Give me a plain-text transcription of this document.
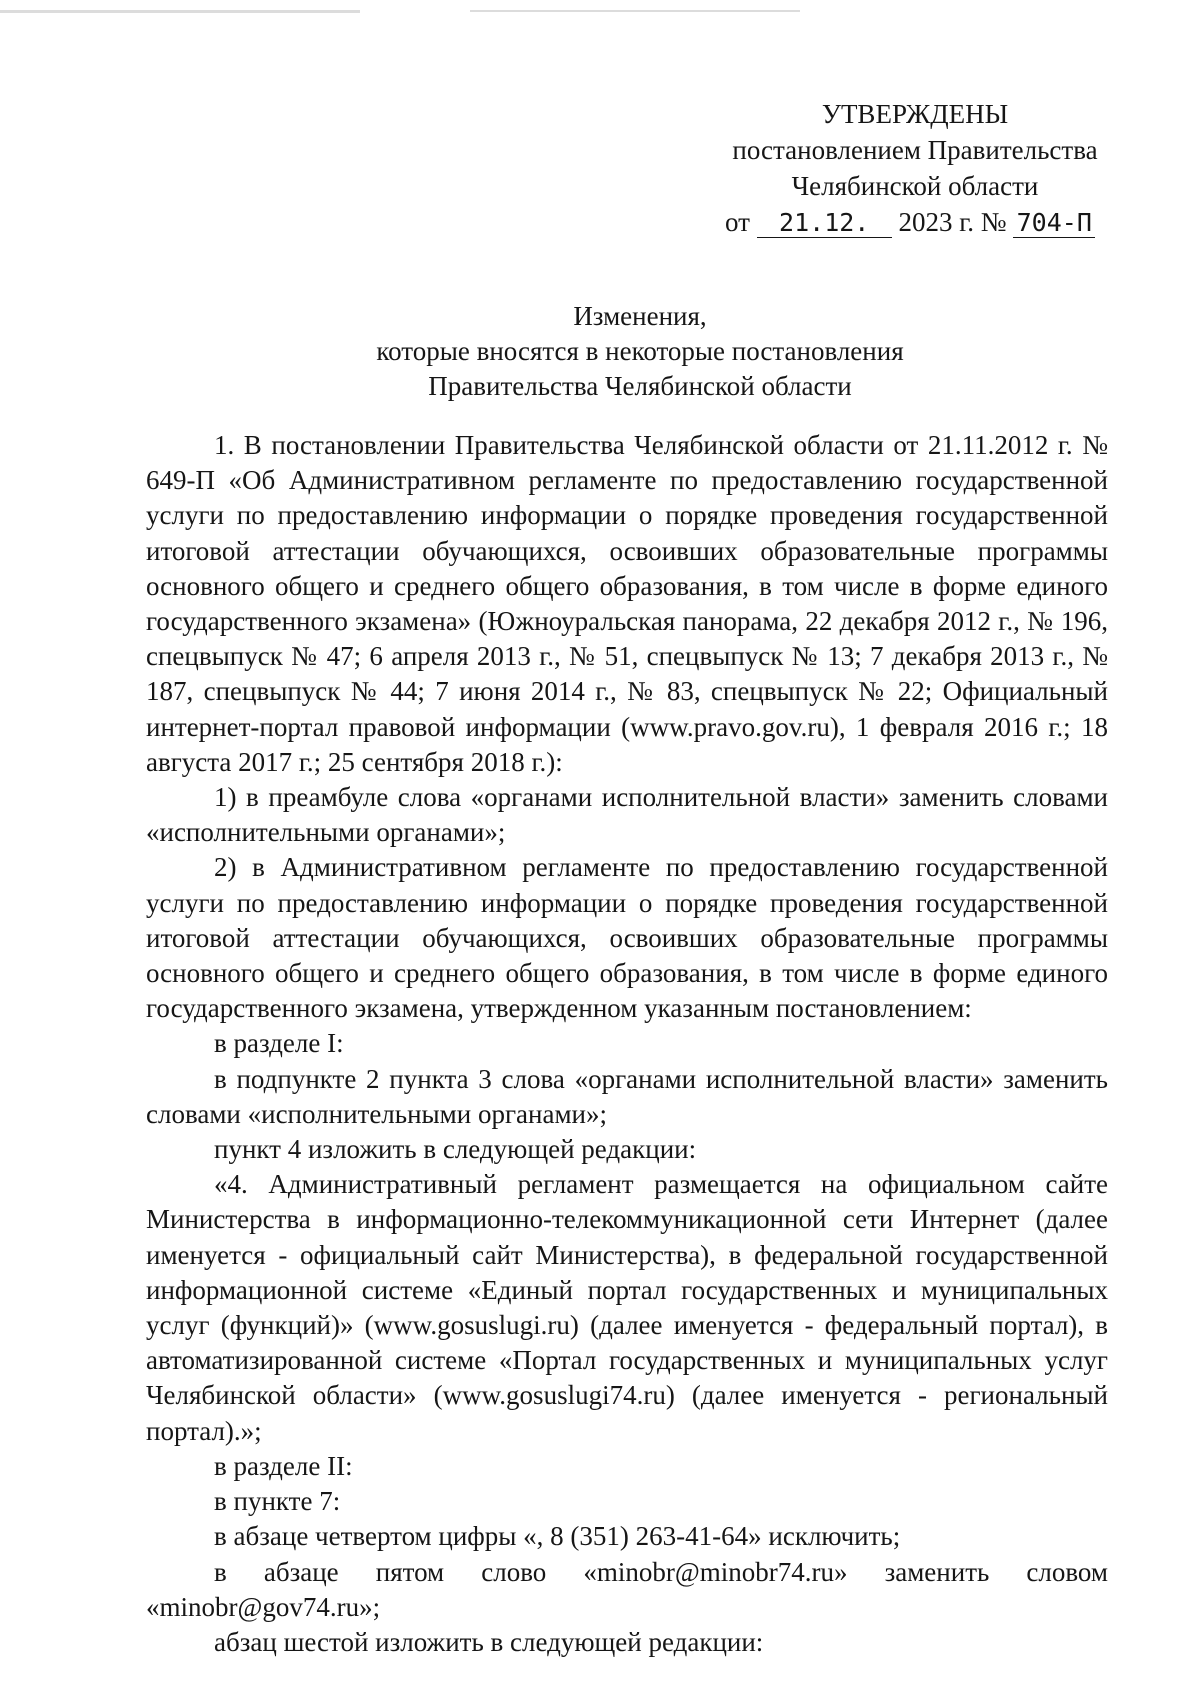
УТВЕРЖДЕНЫ
постановлением Правительства
Челябинской области
от 21.12. 2023 г. № 704-П
Изменения,
которые вносятся в некоторые постановления
Правительства Челябинской области

1. В постановлении Правительства Челябинской области от 21.11.2012 г. № 649-П «Об Административном регламенте по предоставлению государственной услуги по предоставлению информации о порядке проведения государственной итоговой аттестации обучающихся, освоивших образовательные программы основного общего и среднего общего образования, в том числе в форме единого государственного экзамена» (Южноуральская панорама, 22 декабря 2012 г., № 196, спецвыпуск № 47; 6 апреля 2013 г., № 51, спецвыпуск № 13; 7 декабря 2013 г., № 187, спецвыпуск № 44; 7 июня 2014 г., № 83, спецвыпуск № 22; Официальный интернет-портал правовой информации (www.pravo.gov.ru), 1 февраля 2016 г.; 18 августа 2017 г.; 25 сентября 2018 г.):

1) в преамбуле слова «органами исполнительной власти» заменить словами «исполнительными органами»;

2) в Административном регламенте по предоставлению государственной услуги по предоставлению информации о порядке проведения государственной итоговой аттестации обучающихся, освоивших образовательные программы основного общего и среднего общего образования, в том числе в форме единого государственного экзамена, утвержденном указанным постановлением:

в разделе I:

в подпункте 2 пункта 3 слова «органами исполнительной власти» заменить словами «исполнительными органами»;

пункт 4 изложить в следующей редакции:

«4. Административный регламент размещается на официальном сайте Министерства в информационно-телекоммуникационной сети Интернет (далее именуется - официальный сайт Министерства), в федеральной государственной информационной системе «Единый портал государственных и муниципальных услуг (функций)» (www.gosuslugi.ru) (далее именуется - федеральный портал), в автоматизированной системе «Портал государственных и муниципальных услуг Челябинской области» (www.gosuslugi74.ru) (далее именуется - региональный портал).»;

в разделе II:

в пункте 7:

в абзаце четвертом цифры «, 8 (351) 263-41-64» исключить;

в абзаце пятом слово «minobr@minobr74.ru» заменить словом «minobr@gov74.ru»;

абзац шестой изложить в следующей редакции:
